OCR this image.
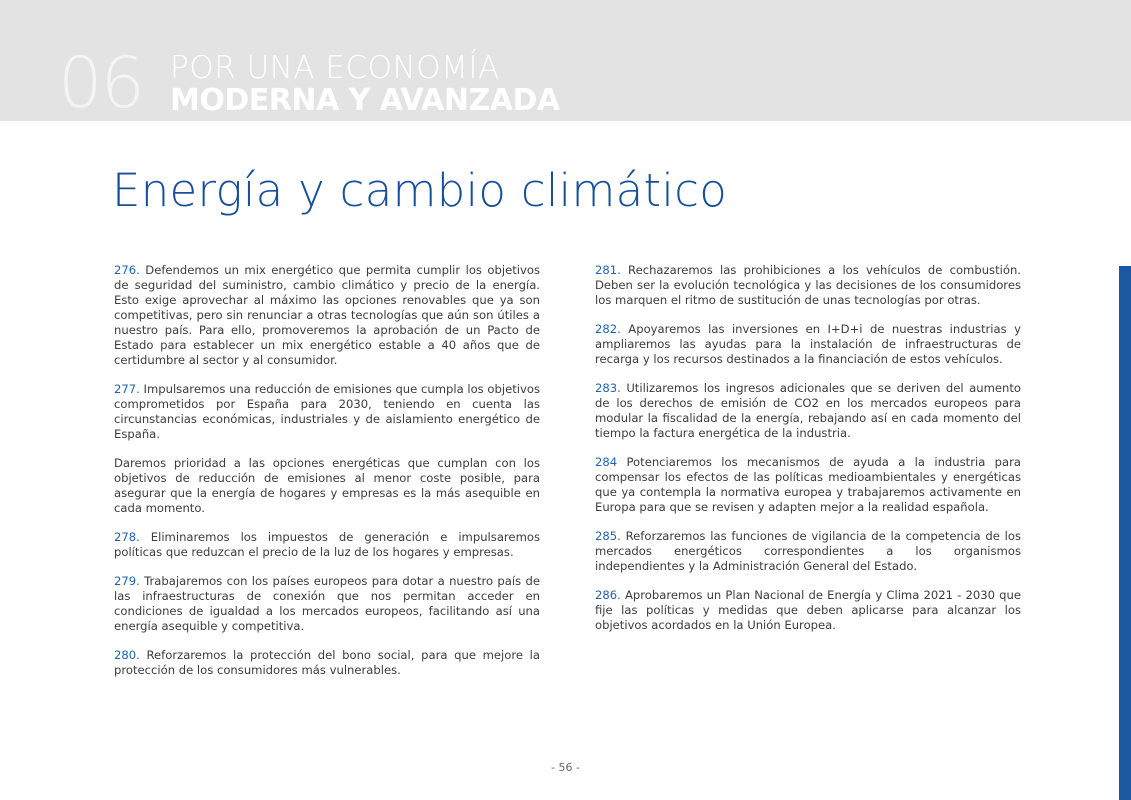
06 POR UNA ECONOMÍA
MODERNA Y AVANZADA
Energía y cambio climático

276. Defendemos un mix energético que permita cumplir los objetivos de seguridad del suministro, cambio climático y precio de la energía. Esto exige aprovechar al máximo las opciones renovables que ya son competitivas, pero sin renunciar a otras tecnologías que aún son útiles a nuestro país. Para ello, promoveremos la aprobación de un Pacto de Estado para establecer un mix energético estable a 40 años que de certidumbre al sector y al consumidor.

277. Impulsaremos una reducción de emisiones que cumpla los objetivos comprometidos por España para 2030, teniendo en cuenta las circunstancias económicas, industriales y de aislamiento energético de España.

Daremos prioridad a las opciones energéticas que cumplan con los objetivos de reducción de emisiones al menor coste posible, para asegurar que la energía de hogares y empresas es la más asequible en cada momento.

278. Eliminaremos los impuestos de generación e impulsaremos políticas que reduzcan el precio de la luz de los hogares y empresas.

279. Trabajaremos con los países europeos para dotar a nuestro país de las infraestructuras de conexión que nos permitan acceder en condiciones de igualdad a los mercados europeos, facilitando así una energía asequible y competitiva.

280. Reforzaremos la protección del bono social, para que mejore la protección de los consumidores más vulnerables.

281. Rechazaremos las prohibiciones a los vehículos de combustión. Deben ser la evolución tecnológica y las decisiones de los consumidores los marquen el ritmo de sustitución de unas tecnologías por otras.

282. Apoyaremos las inversiones en I+D+i de nuestras industrias y ampliaremos las ayudas para la instalación de infraestructuras de recarga y los recursos destinados a la financiación de estos vehículos.

283. Utilizaremos los ingresos adicionales que se deriven del aumento de los derechos de emisión de CO2 en los mercados europeos para modular la fiscalidad de la energía, rebajando así en cada momento del tiempo la factura energética de la industria.

284 Potenciaremos los mecanismos de ayuda a la industria para compensar los efectos de las políticas medioambientales y energéticas que ya contempla la normativa europea y trabajaremos activamente en Europa para que se revisen y adapten mejor a la realidad española.

285. Reforzaremos las funciones de vigilancia de la competencia de los mercados energéticos correspondientes a los organismos independientes y la Administración General del Estado.

286. Aprobaremos un Plan Nacional de Energía y Clima 2021 - 2030 que fije las políticas y medidas que deben aplicarse para alcanzar los objetivos acordados en la Unión Europea.

- 56 -
